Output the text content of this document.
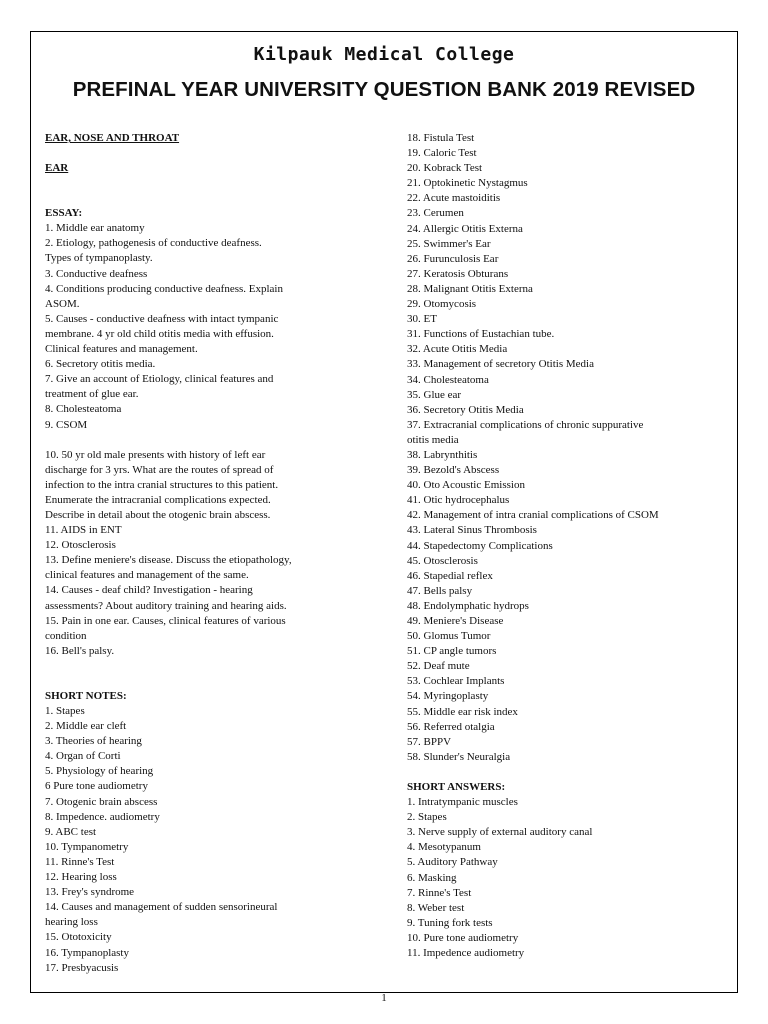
Kilpauk Medical College
PREFINAL YEAR UNIVERSITY QUESTION BANK 2019 REVISED

EAR, NOSE AND THROAT

EAR

ESSAY:

1. Middle ear anatomy
2. Etiology, pathogenesis of conductive deafness.
Types of tympanoplasty.
3. Conductive deafness
4. Conditions producing conductive deafness. Explain
ASOM.
5. Causes - conductive deafness with intact tympanic
membrane. 4 yr old child otitis media with effusion.
Clinical features and management.
6. Secretory otitis media.
7. Give an account of Etiology, clinical features and
treatment of glue ear.
8. Cholesteatoma
9. CSOM
10. 50 yr old male presents with history of left ear
discharge for 3 yrs. What are the routes of spread of
infection to the intra cranial structures to this patient.
Enumerate the intracranial complications expected.
Describe in detail about the otogenic brain abscess.
11. AIDS in ENT
12. Otosclerosis
13. Define meniere's disease. Discuss the etiopathology,
clinical features and management of the same.
14. Causes - deaf child? Investigation - hearing
assessments? About auditory training and hearing aids.
15. Pain in one ear. Causes, clinical features of various
condition
16. Bell's palsy.

SHORT NOTES:

1. Stapes
2. Middle ear cleft
3. Theories of hearing
4. Organ of Corti
5. Physiology of hearing
6 Pure tone audiometry
7. Otogenic brain abscess
8. Impedence. audiometry
9. ABC test
10. Tympanometry
11. Rinne's Test
12. Hearing loss
13. Frey's syndrome
14. Causes and management of sudden sensorineural
hearing loss
15. Ototoxicity
16. Tympanoplasty
17. Presbyacusis
18. Fistula Test
19. Caloric Test
20. Kobrack Test
21. Optokinetic Nystagmus
22. Acute mastoiditis
23. Cerumen
24. Allergic Otitis Externa
25. Swimmer's Ear
26. Furunculosis Ear
27. Keratosis Obturans
28. Malignant Otitis Externa
29. Otomycosis
30. ET
31. Functions of Eustachian tube.
32. Acute Otitis Media
33. Management of secretory Otitis Media
34. Cholesteatoma
35. Glue ear
36. Secretory Otitis Media
37. Extracranial complications of chronic suppurative
otitis media
38. Labrynthitis
39. Bezold's Abscess
40. Oto Acoustic Emission
41. Otic hydrocephalus
42. Management of intra cranial complications of CSOM
43. Lateral Sinus Thrombosis
44. Stapedectomy Complications
45. Otosclerosis
46. Stapedial reflex
47. Bells palsy
48. Endolymphatic hydrops
49. Meniere's Disease
50. Glomus Tumor
51. CP angle tumors
52. Deaf mute
53. Cochlear Implants
54. Myringoplasty
55. Middle ear risk index
56. Referred otalgia
57. BPPV
58. Slunder's Neuralgia

SHORT ANSWERS:

1. Intratympanic muscles
2. Stapes
3. Nerve supply of external auditory canal
4. Mesotypanum
5. Auditory Pathway
6. Masking
7. Rinne's Test
8. Weber test
9. Tuning fork tests
10. Pure tone audiometry
11. Impedence audiometry
1
